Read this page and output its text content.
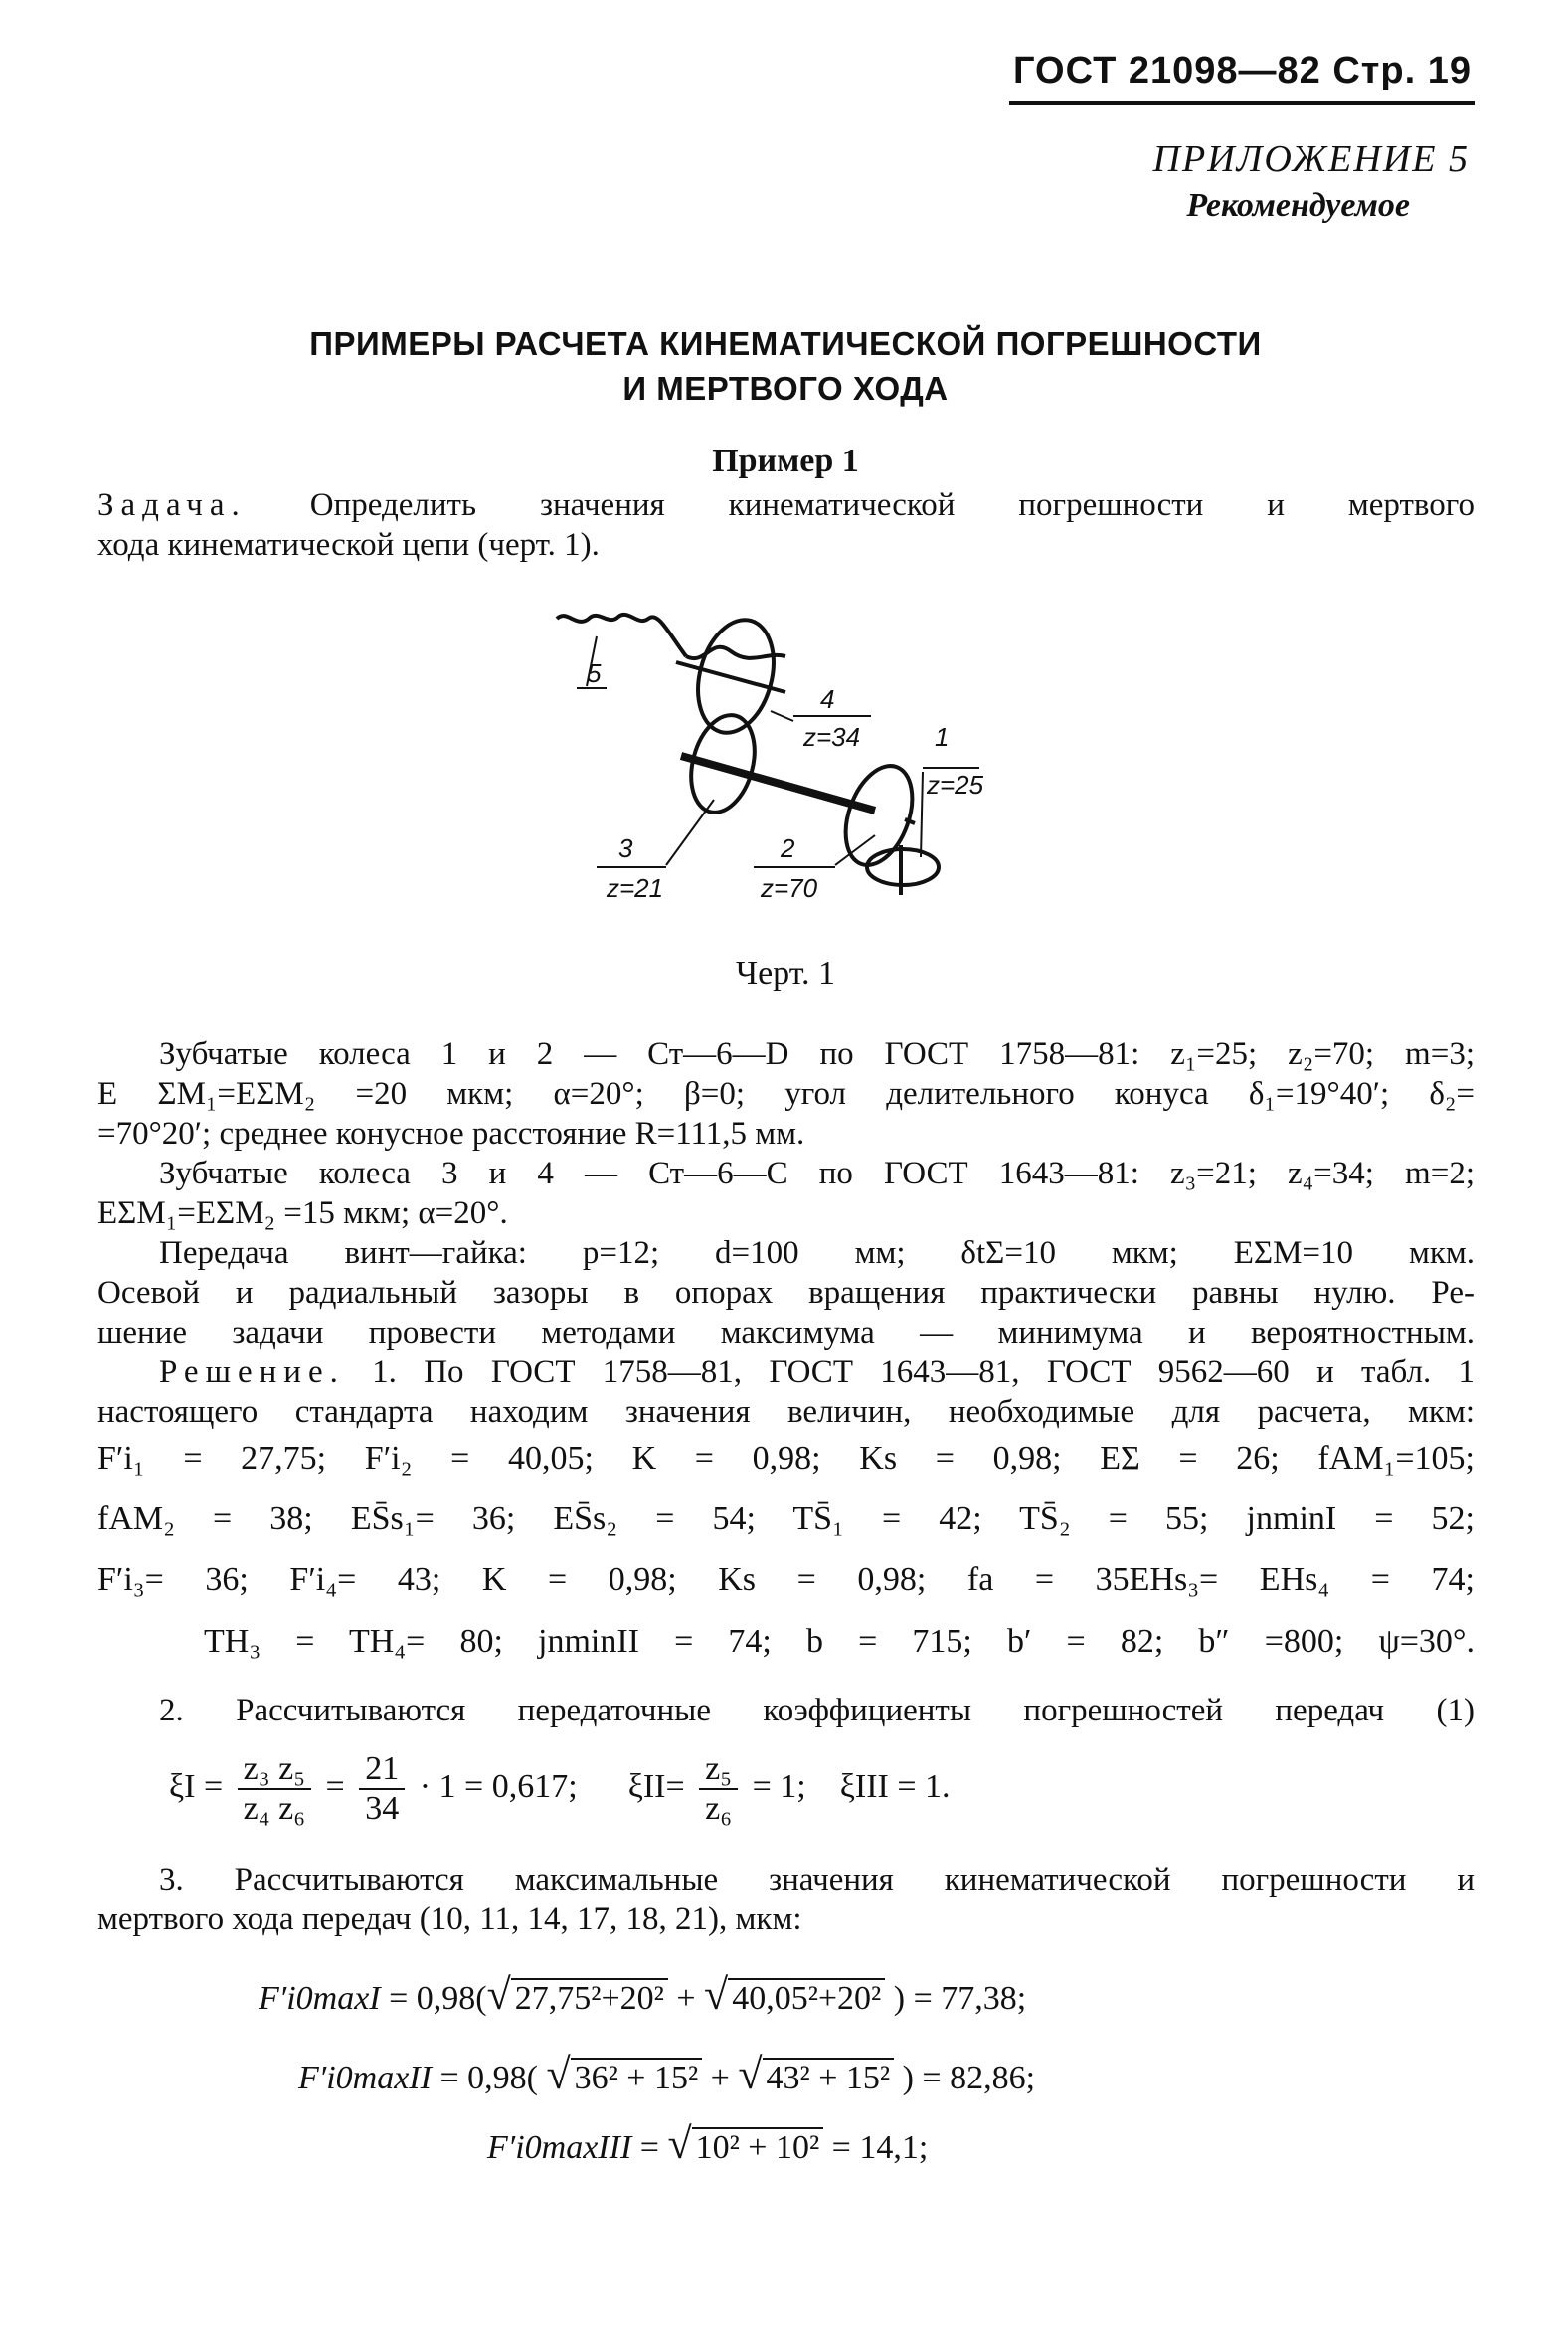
ГОСТ 21098—82 Стр. 19
ПРИЛОЖЕНИЕ 5
Рекомендуемое
ПРИМЕРЫ РАСЧЕТА КИНЕМАТИЧЕСКОЙ ПОГРЕШНОСТИ
И МЕРТВОГО ХОДА
Пример 1
Задача. Определить значения кинематической погрешности и мертвого
хода кинематической цепи (черт. 1).
5
4
z=34	1
z=25
3
z=21
2
z=70
Черт. 1
Зубчатые колеса 1 и 2 — Ст—6—D по ГОСТ 1758—81: z₁=25; z₂=70; m=3;
E ΣM₁=EΣM₂ =20 мкм; α=20°; β=0; угол делительного конуса δ₁=19°40′; δ₂=
=70°20′; среднее конусное расстояние R=111,5 мм.
Зубчатые колеса 3 и 4 — Ст—6—C по ГОСТ 1643—81: z₃=21; z₄=34; m=2;
EΣM₁=EΣM₂ =15 мкм; α=20°.
Передача винт—гайка: p=12; d=100 мм; δtΣ=10 мкм; EΣM=10 мкм.
Осевой и радиальный зазоры в опорах вращения практически равны нулю. Ре-
шение задачи провести методами максимума — минимума и вероятностным.
Решение. 1. По ГОСТ 1758—81, ГОСТ 1643—81, ГОСТ 9562—60 и табл. 1
настоящего стандарта находим значения величин, необходимые для расчета, мкм:
F′i₁ = 27,75; F′i₂ = 40,05; K = 0,98; Ks = 0,98; EΣ = 26; fAM₁=105;
fAM₂ = 38; ES̄s₁= 36; ES̄s₂ = 54; TS̄₁ = 42; TS̄₂ = 55; jnminI = 52;
F′i₃= 36; F′i₄= 43; K = 0,98; Ks = 0,98; fa = 35EHs₃= EHs₄ = 74;
TH₃ = TH₄= 80; jnminII = 74; b = 715; b′ = 82; b″ =800; ψ=30°.
2. Рассчитываются передаточные коэффициенты погрешностей передач (1)
$\xi I = \frac{\text{z₃ z₅}}{\text{z₄ z₆}} = \frac{21}{34} \cdot 1 = 0,617$; $\xi II= \frac{\text{z₅}}{\text{z₆}} = 1$; ξIII = 1.
3. Рассчитываются максимальные значения кинематической погрешности и
мертвого хода передач (10, 11, 14, 17, 18, 21), мкм:
F′i0maxI = 0,98(√ 27,75²+20² + √ 40,05²+20² ) = 77,38;
F′i0maxII = 0,98( √ 36² + 15² + √ 43² + 15² ) = 82,86;
F′i0maxIII = √ 10² + 10² = 14,1;
